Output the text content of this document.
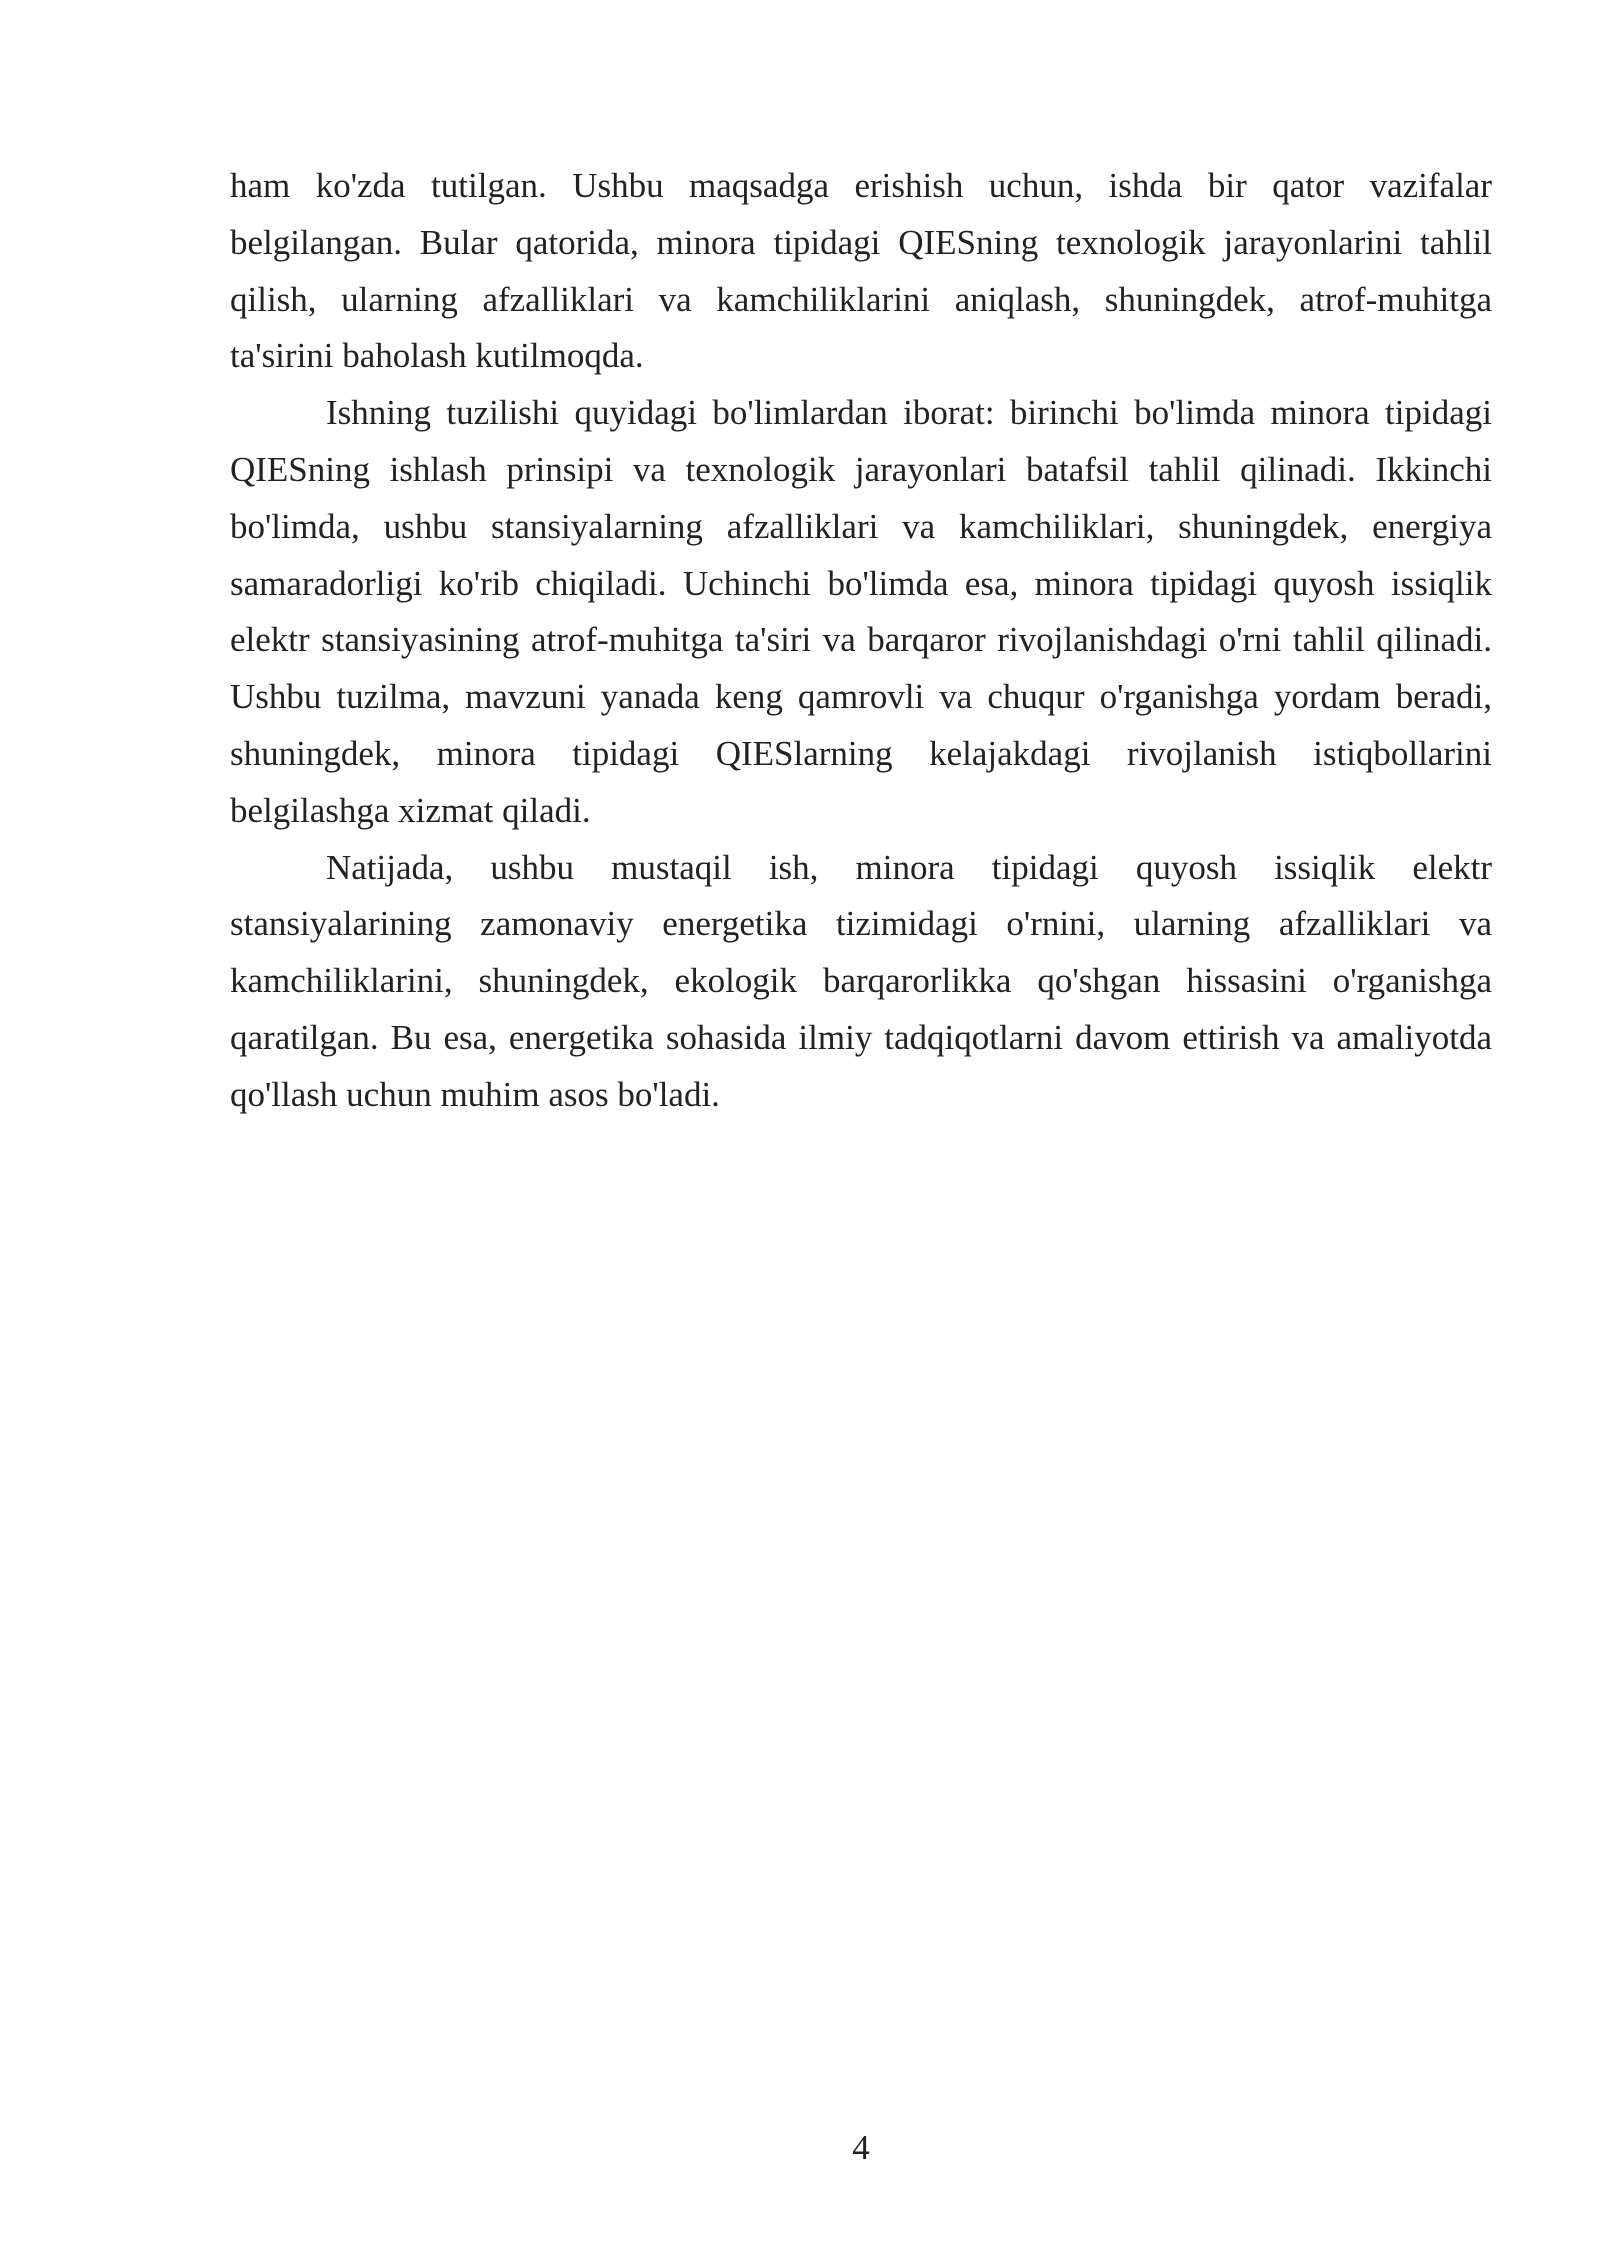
ham ko'zda tutilgan. Ushbu maqsadga erishish uchun, ishda bir qator vazifalar belgilangan. Bular qatorida, minora tipidagi QIESning texnologik jarayonlarini tahlil qilish, ularning afzalliklari va kamchiliklarini aniqlash, shuningdek, atrof-muhitga ta'sirini baholash kutilmoqda.

Ishning tuzilishi quyidagi bo'limlardan iborat: birinchi bo'limda minora tipidagi QIESning ishlash prinsipi va texnologik jarayonlari batafsil tahlil qilinadi. Ikkinchi bo'limda, ushbu stansiyalarning afzalliklari va kamchiliklari, shuningdek, energiya samaradorligi ko'rib chiqiladi. Uchinchi bo'limda esa, minora tipidagi quyosh issiqlik elektr stansiyasining atrof-muhitga ta'siri va barqaror rivojlanishdagi o'rni tahlil qilinadi. Ushbu tuzilma, mavzuni yanada keng qamrovli va chuqur o'rganishga yordam beradi, shuningdek, minora tipidagi QIESlarning kelajakdagi rivojlanish istiqbollarini belgilashga xizmat qiladi.

Natijada, ushbu mustaqil ish, minora tipidagi quyosh issiqlik elektr stansiyalarining zamonaviy energetika tizimidagi o'rnini, ularning afzalliklari va kamchiliklarini, shuningdek, ekologik barqarorlikka qo'shgan hissasini o'rganishga qaratilgan. Bu esa, energetika sohasida ilmiy tadqiqotlarni davom ettirish va amaliyotda qo'llash uchun muhim asos bo'ladi.

4
